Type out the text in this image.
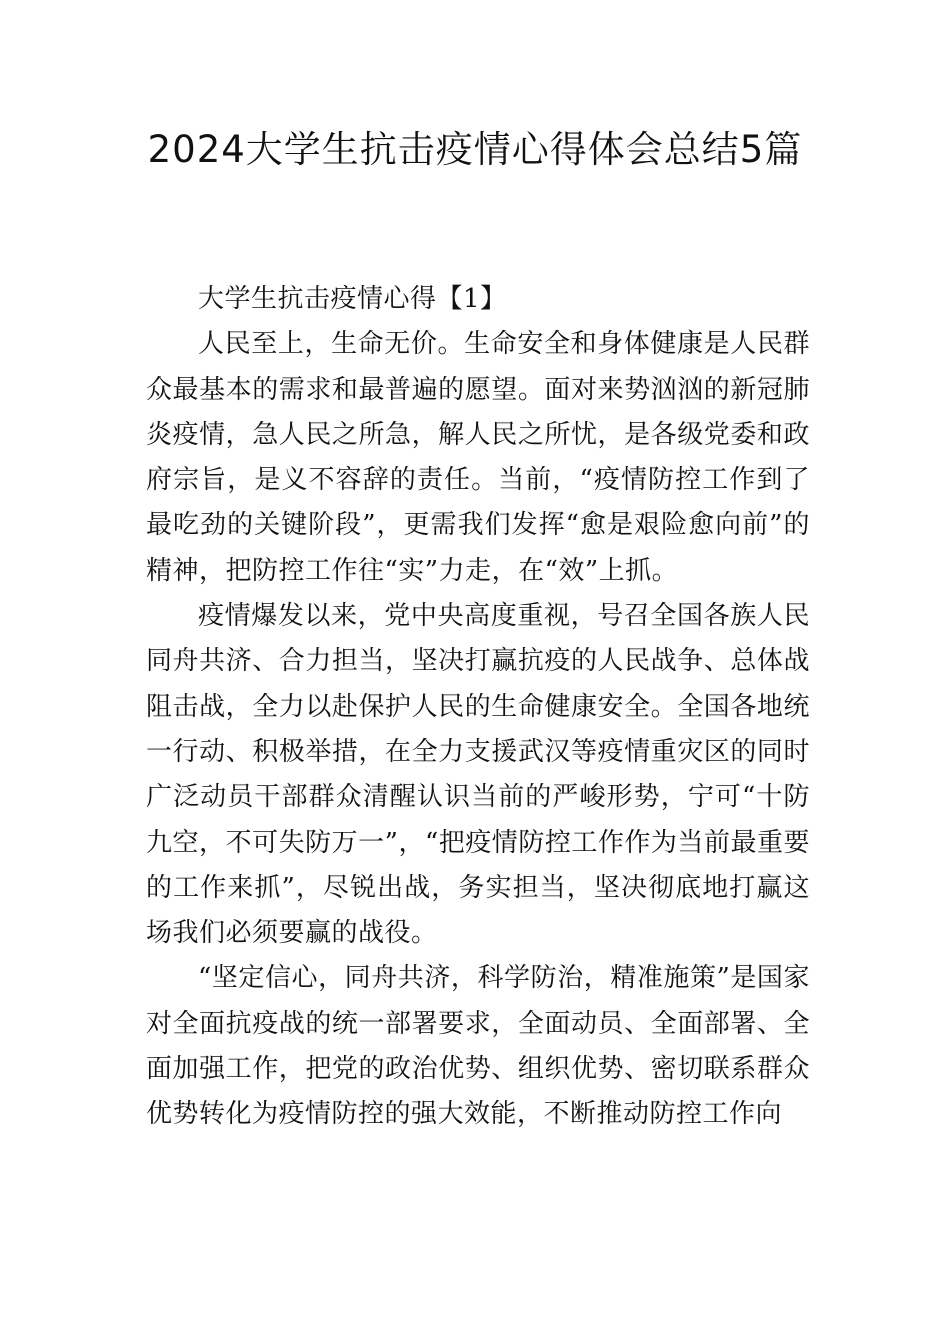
2024大学生抗击疫情心得体会总结5篇

大学生抗击疫情心得【1】

人民至上，生命无价。生命安全和身体健康是人民群众最基本的需求和最普遍的愿望。面对来势汹汹的新冠肺炎疫情，急人民之所急，解人民之所忧，是各级党委和政府宗旨，是义不容辞的责任。当前，“疫情防控工作到了最吃劲的关键阶段”，更需我们发挥“愈是艰险愈向前”的精神，把防控工作往“实”力走，在“效”上抓。

疫情爆发以来，党中央高度重视，号召全国各族人民同舟共济、合力担当，坚决打赢抗疫的人民战争、总体战阻击战，全力以赴保护人民的生命健康安全。全国各地统一行动、积极举措，在全力支援武汉等疫情重灾区的同时广泛动员干部群众清醒认识当前的严峻形势，宁可“十防九空，不可失防万一”，“把疫情防控工作作为当前最重要的工作来抓”，尽锐出战，务实担当，坚决彻底地打赢这场我们必须要赢的战役。

“坚定信心，同舟共济，科学防治，精准施策”是国家对全面抗疫战的统一部署要求，全面动员、全面部署、全面加强工作，把党的政治优势、组织优势、密切联系群众优势转化为疫情防控的强大效能，不断推动防控工作向
